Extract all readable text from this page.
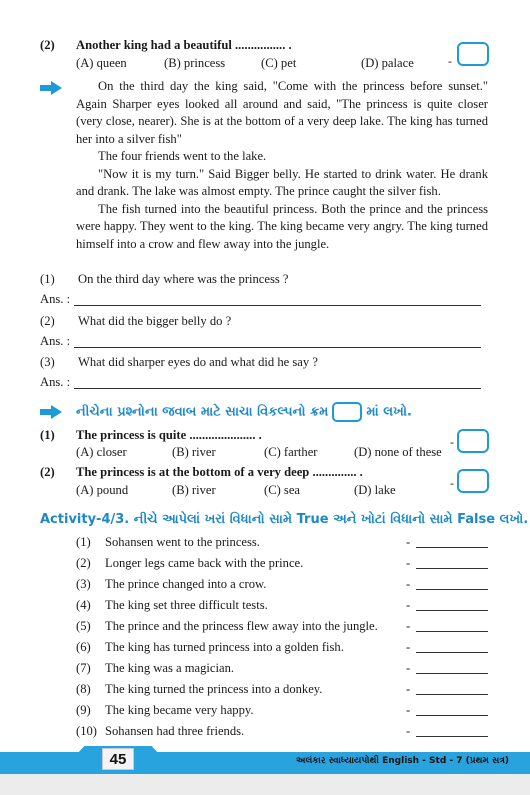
(2) Another king had a beautiful ................ .
(A) queen	(B) princess	(C) pet	(D) palace	-

On the third day the king said, "Come with the princess before sunset." Again Sharper eyes looked all around and said, "The princess is quite closer (very close, nearer). She is at the bottom of a very deep lake. The king has turned her into a silver fish"

The four friends went to the lake.

"Now it is my turn." Said Bigger belly. He started to drink water. He drank and drank. The lake was almost empty. The prince caught the silver fish.

The fish turned into the beautiful princess. Both the prince and the princess were happy. They went to the king. The king became very angry. The king turned himself into a crow and flew away into the jungle.

(1) On the third day where was the princess ?
Ans. :
(2) What did the bigger belly do ?
Ans. :
(3) What did sharper eyes do and what did he say ?
Ans. :
નીચેના પ્રશ્નોના જવાબ માટે સાચા વિકલ્પનો ક્રમ	માં લખો.
(1) The princess is quite ..................... .
(A) closer	(B) river	(C) farther	(D) none of these
-
(2) The princess is at the bottom of a very deep .............. .
(A) pound	(B) river	(C) sea	(D) lake	-
Activity-4/3. નીચે આપેલાં ખરાં વિધાનો સામે True અને ખોટાં વિધાનો સામે False લખો.
(1) Sohansen went to the princess.	-
(2) Longer legs came back with the prince.	-
(3) The prince changed into a crow.	-
(4) The king set three difficult tests.	-
(5) The prince and the princess flew away into the jungle. -
(6) The king has turned princess into a golden fish.	-
(7) The king was a magician.	-
(8) The king turned the princess into a donkey.	-
(9) The king became very happy.	-
(10) Sohansen had three friends.	-
45	અલંકાર સ્વાધ્યાયપોથી English - Std - 7 (પ્રથમ સત્ર)
